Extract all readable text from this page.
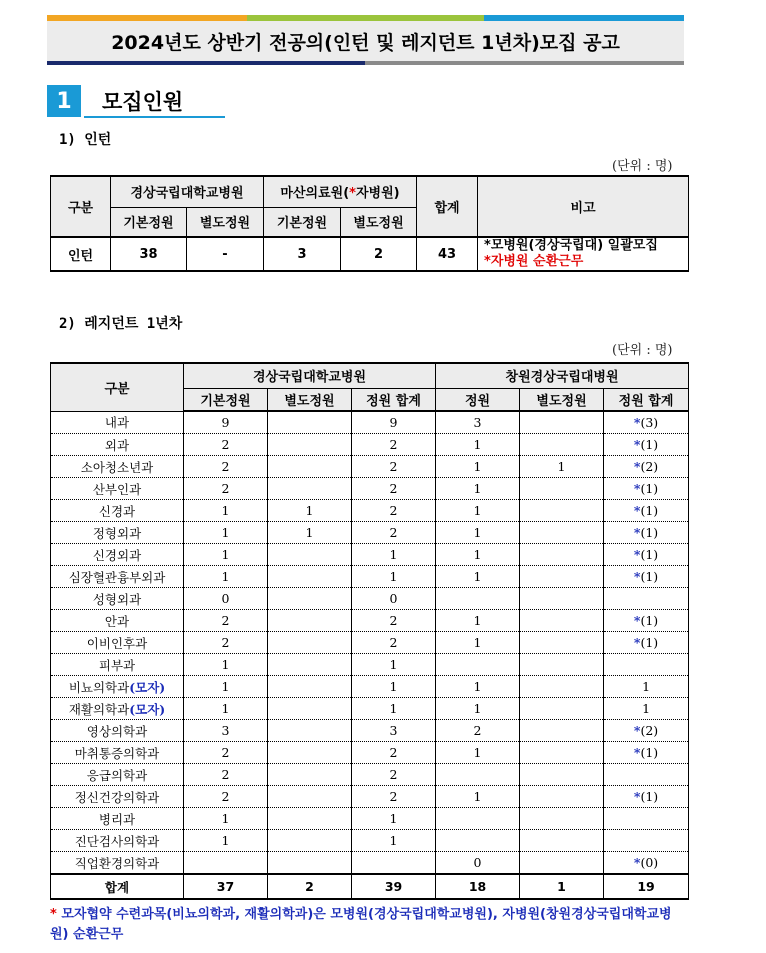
2024년도 상반기 전공의(인턴 및 레지던트 1년차)모집 공고
1	모집인원
1) 인턴
(단위 : 명)
구분	경상국립대학교병원		마산의료원(*자병원)		합계	비고
	기본정원	별도정원	기본정원	별도정원		
인턴	38	-	3	2	43	*모병원(경상국립대) 일괄모집
*자병원 순환근무
2) 레지던트 1년차
(단위 : 명)
구분	경상국립대학교병원			창원경상국립대병원		
	기본정원	별도정원	정원 합계	정원	별도정원	정원 합계
내과	9		9	3		*(3)
외과	2		2	1		*(1)
소아청소년과	2		2	1	1	*(2)
산부인과	2		2	1		*(1)
신경과	1	1	2	1		*(1)
정형외과	1	1	2	1		*(1)
신경외과	1		1	1		*(1)
심장혈관흉부외과	1		1	1		*(1)
성형외과	0		0			
안과	2		2	1		*(1)
이비인후과	2		2	1		*(1)
피부과	1		1			
비뇨의학과(모자)	1		1	1		1
재활의학과(모자)	1		1	1		1
영상의학과	3		3	2		*(2)
마취통증의학과	2		2	1		*(1)
응급의학과	2		2			
정신건강의학과	2		2	1		*(1)
병리과	1		1			
진단검사의학과	1		1			
직업환경의학과				0		*(0)
합계	37	2	39	18	1	19
* 모자협약 수련과목(비뇨의학과, 재활의학과)은 모병원(경상국립대학교병원), 자병원(창원경상국립대학교병원) 순환근무
